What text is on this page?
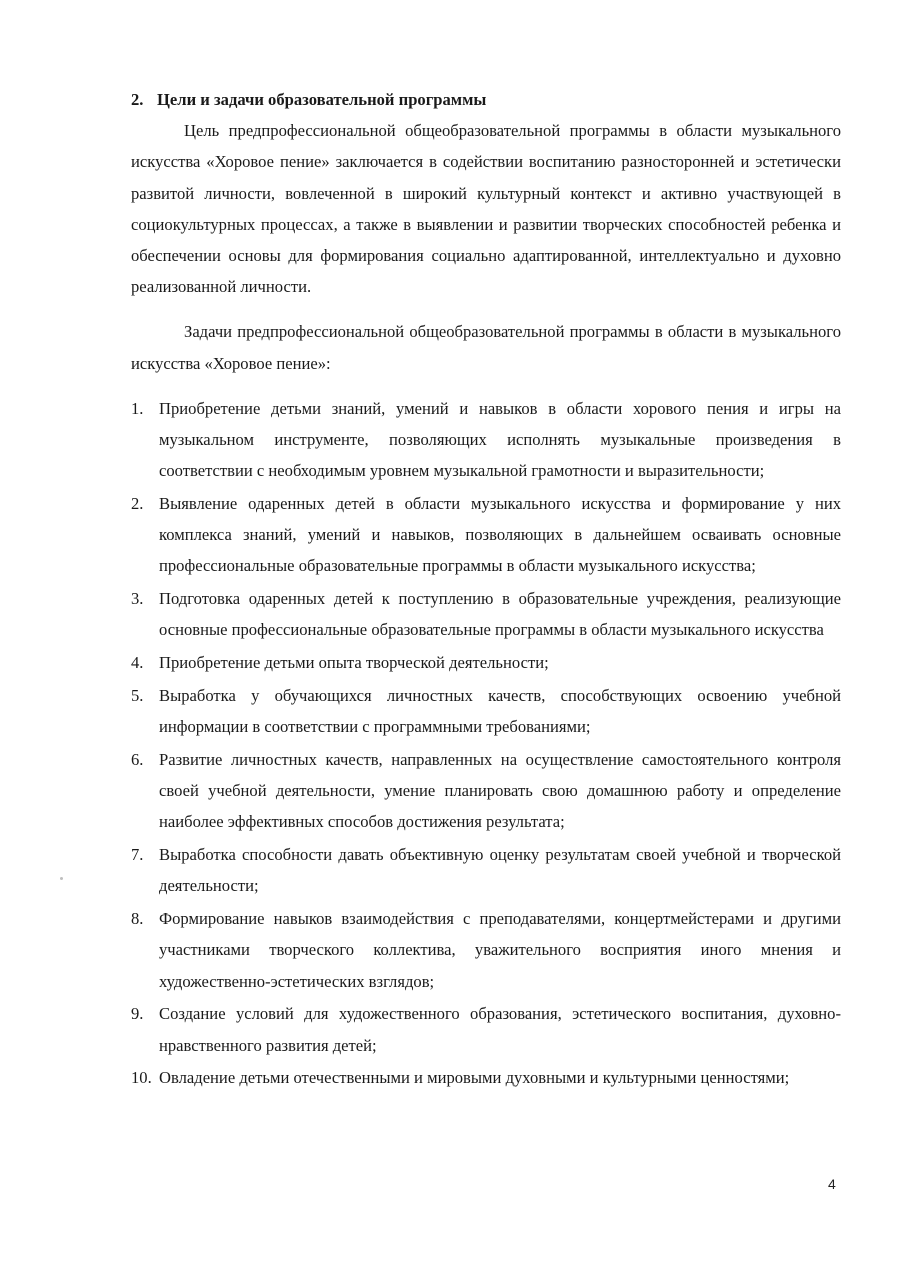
2. Цели и задачи образовательной программы

Цель предпрофессиональной общеобразовательной программы в области музыкального искусства «Хоровое пение» заключается в содействии воспитанию разносторонней и эстетически развитой личности, вовлеченной в широкий культурный контекст и активно участвующей в социокультурных процессах, а также в выявлении и развитии творческих способностей ребенка и обеспечении основы для формирования социально адаптированной, интеллектуально и духовно реализованной личности.

Задачи предпрофессиональной общеобразовательной программы в области в музыкального искусства «Хоровое пение»:

1. Приобретение детьми знаний, умений и навыков в области хорового пения и игры на музыкальном инструменте, позволяющих исполнять музыкальные произведения в соответствии с необходимым уровнем музыкальной грамотности и выразительности;
2. Выявление одаренных детей в области музыкального искусства и формирование у них комплекса знаний, умений и навыков, позволяющих в дальнейшем осваивать основные профессиональные образовательные программы в области музыкального искусства;
3. Подготовка одаренных детей к поступлению в образовательные учреждения, реализующие основные профессиональные образовательные программы в области музыкального искусства
4. Приобретение детьми опыта творческой деятельности;
5. Выработка у обучающихся личностных качеств, способствующих освоению учебной информации в соответствии с программными требованиями;
6. Развитие личностных качеств, направленных на осуществление самостоятельного контроля своей учебной деятельности, умение планировать свою домашнюю работу и определение наиболее эффективных способов достижения результата;
7. Выработка способности давать объективную оценку результатам своей учебной и творческой деятельности;
8. Формирование навыков взаимодействия с преподавателями, концертмейстерами и другими участниками творческого коллектива, уважительного восприятия иного мнения и художественно-эстетических взглядов;
9. Создание условий для художественного образования, эстетического воспитания, духовно-нравственного развития детей;
10. Овладение детьми отечественными и мировыми духовными и культурными ценностями;
4
